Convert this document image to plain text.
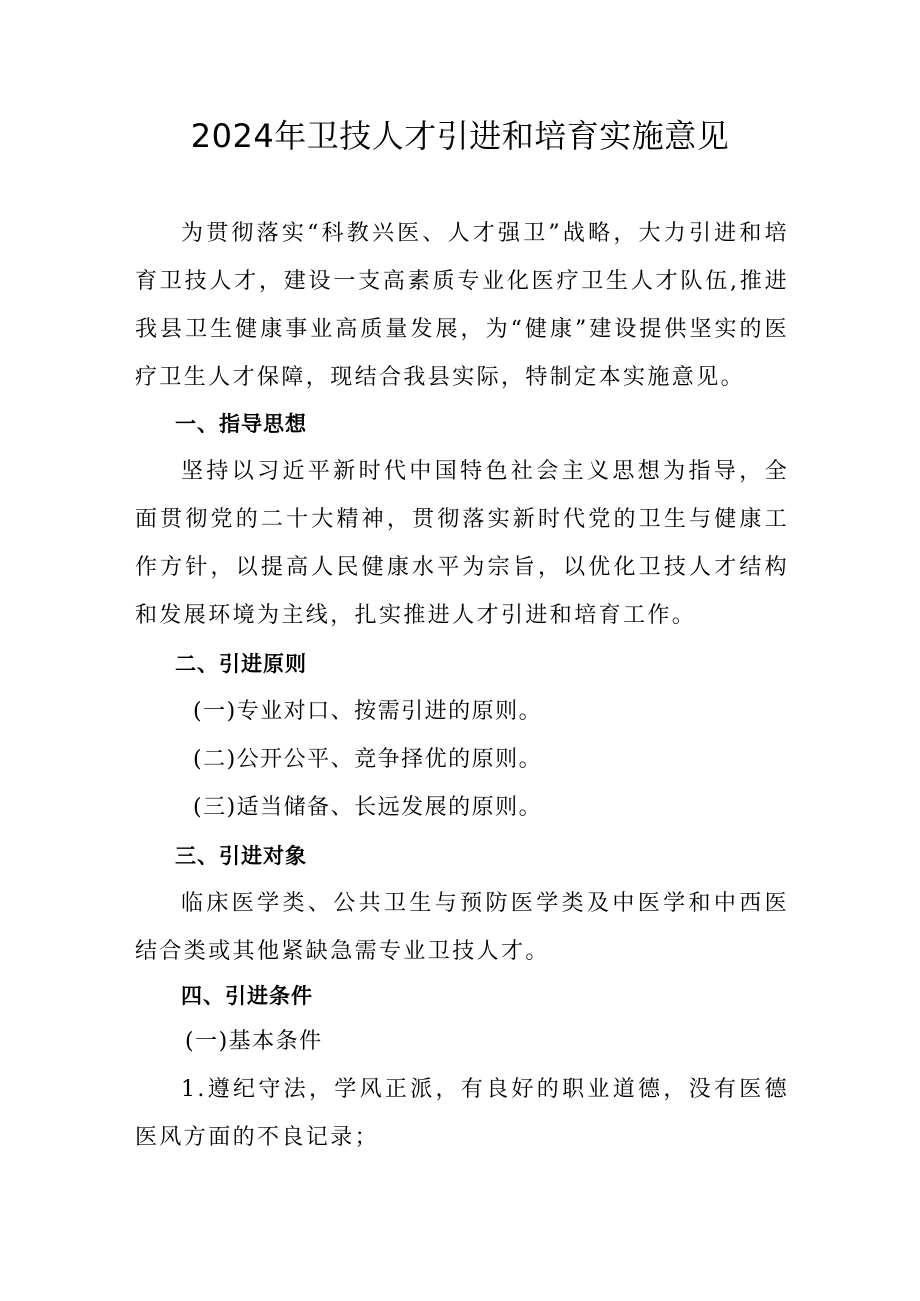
2024年卫技人才引进和培育实施意见
为贯彻落实“科教兴医、人才强卫”战略，大力引进和培育卫技人才，建设一支高素质专业化医疗卫生人才队伍,推进我县卫生健康事业高质量发展，为“健康”建设提供坚实的医疗卫生人才保障，现结合我县实际，特制定本实施意见。
一、指导思想
坚持以习近平新时代中国特色社会主义思想为指导，全面贯彻党的二十大精神，贯彻落实新时代党的卫生与健康工作方针，以提高人民健康水平为宗旨，以优化卫技人才结构和发展环境为主线，扎实推进人才引进和培育工作。
二、引进原则
(一)专业对口、按需引进的原则。
(二)公开公平、竞争择优的原则。
(三)适当储备、长远发展的原则。
三、引进对象
临床医学类、公共卫生与预防医学类及中医学和中西医结合类或其他紧缺急需专业卫技人才。
四、引进条件
(一)基本条件
1.遵纪守法，学风正派，有良好的职业道德，没有医德医风方面的不良记录；
